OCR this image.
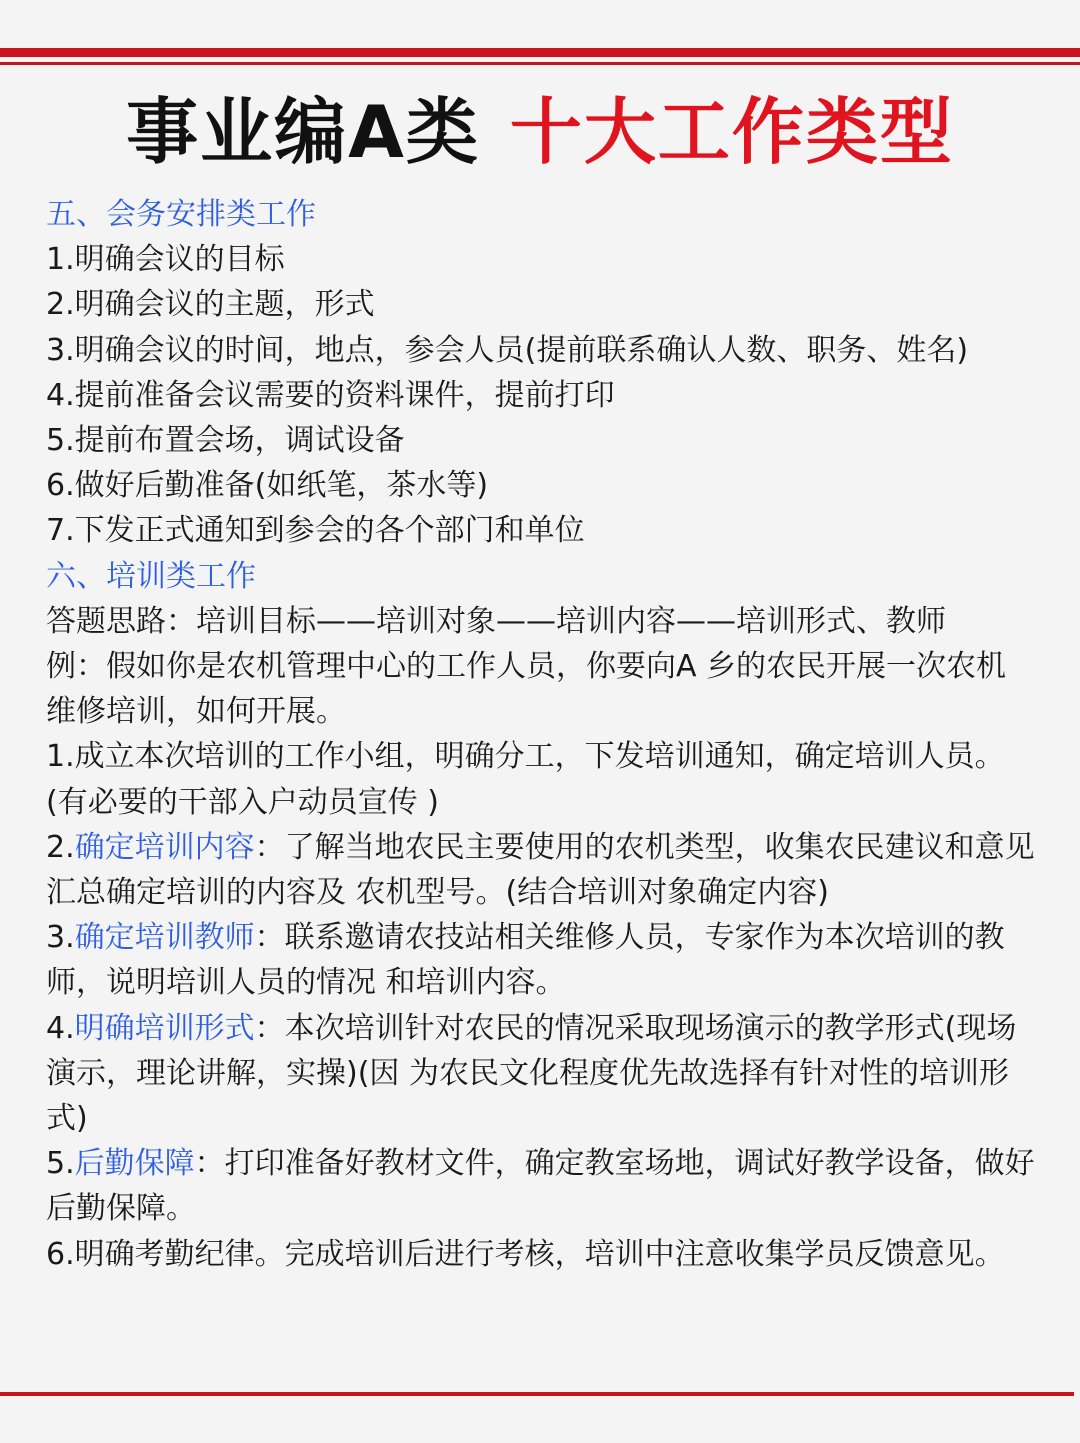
事业编A类 十大工作类型

五、会务安排类工作

1.明确会议的目标

2.明确会议的主题，形式

3.明确会议的时间，地点，参会人员(提前联系确认人数、职务、姓名)

4.提前准备会议需要的资料课件，提前打印

5.提前布置会场，调试设备

6.做好后勤准备(如纸笔，茶水等)

7.下发正式通知到参会的各个部门和单位

六、培训类工作

答题思路：培训目标——培训对象——培训内容——培训形式、教师

例：假如你是农机管理中心的工作人员，你要向A 乡的农民开展一次农机维修培训，如何开展。

1.成立本次培训的工作小组，明确分工，下发培训通知，确定培训人员。(有必要的干部入户动员宣传 )

2.确定培训内容：了解当地农民主要使用的农机类型，收集农民建议和意见汇总确定培训的内容及 农机型号。(结合培训对象确定内容)

3.确定培训教师：联系邀请农技站相关维修人员，专家作为本次培训的教师，说明培训人员的情况 和培训内容。

4.明确培训形式：本次培训针对农民的情况采取现场演示的教学形式(现场演示，理论讲解，实操)(因 为农民文化程度优先故选择有针对性的培训形式)

5.后勤保障：打印准备好教材文件，确定教室场地，调试好教学设备，做好后勤保障。

6.明确考勤纪律。完成培训后进行考核，培训中注意收集学员反馈意见。
